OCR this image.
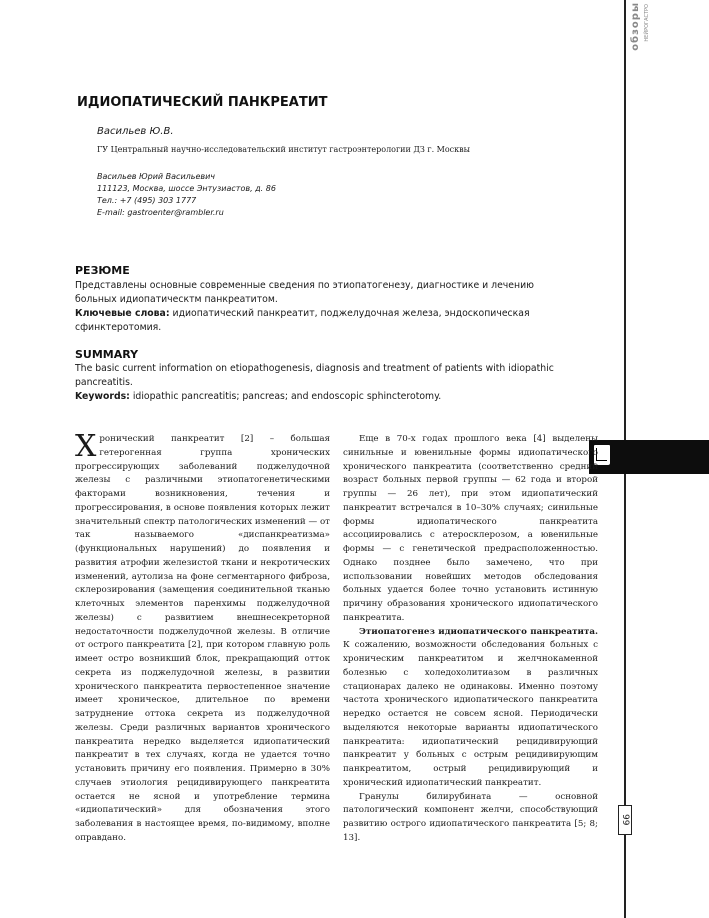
обзоры НЕЙРОГАСТРО
99
ИДИОПАТИЧЕСКИЙ ПАНКРЕАТИТ
Васильев Ю.В.
ГУ Центральный научно-исследовательский институт гастроэнтерологии ДЗ г. Москвы
Васильев Юрий Васильевич
111123, Москва, шоссе Энтузиастов, д. 86
Тел.: +7 (495) 303 1777
E-mail: gastroenter@rambler.ru
РЕЗЮМЕ
Представлены основные современные сведения по этиопатогенезу, диагностике и лечению больных идиопатическтм панкреатитом.
Ключевые слова: идиопатический панкреатит, поджелудочная железа, эндоскопическая сфинктеротомия.
SUMMARY
The basic current information on etiopathogenesis, diagnosis and treatment of patients with idiopathic pancreatitis.
Keywords: idiopathic pancreatitis; pancreas; and endoscopic sphincterotomy.

Хронический панкреатит [2] – большая гетерогенная группа хронических прогрессирующих заболеваний поджелудочной железы с различными этиопатогенетическими факторами возникновения, течения и прогрессирования, в основе появления которых лежит значительный спектр патологических изменений — от так называемого «диспанкреатизма» (функциональных нарушений) до появления и развития атрофии железистой ткани и некротических изменений, аутолиза на фоне сегментарного фиброза, склерозирования (замещения соединительной тканью клеточных элементов паренхимы поджелудочной железы) с развитием внешнесекреторной недостаточности поджелудочной железы. В отличие от острого панкреатита [2], при котором главную роль имеет остро возникший блок, прекращающий отток секрета из поджелудочной железы, в развитии хронического панкреатита первостепенное значение имеет хроническое, длительное по времени затруднение оттока секрета из поджелудочной железы. Среди различных вариантов хронического панкреатита нередко выделяется идиопатический панкреатит в тех случаях, когда не удается точно установить причину его появления. Примерно в 30% случаев этиология рецидивирующего панкреатита остается не ясной и употребление термина «идиопатический» для обозначения этого заболевания в настоящее время, по-видимому, вполне оправдано.

Еще в 70-х годах прошлого века [4] выделены синильные и ювенильные формы идиопатического хронического панкреатита (соответственно средний возраст больных первой группы — 62 года и второй группы — 26 лет), при этом идиопатический панкреатит встречался в 10–30% случаях; синильные формы идиопатического панкреатита ассоциировались с атеросклерозом, а ювенильные формы — с генетической предрасположенностью. Однако позднее было замечено, что при использовании новейших методов обследования больных удается более точно установить истинную причину образования хронического идиопатического панкреатита.

Этиопатогенез идиопатического панкреатита. К сожалению, возможности обследования больных с хроническим панкреатитом и желчнокаменной болезнью с холедохолитиазом в различных стационарах далеко не одинаковы. Именно поэтому частота хронического идиопатического панкреатита нередко остается не совсем ясной. Периодически выделяются некоторые варианты идиопатического панкреатита: идиопатический рецидивирующий панкреатит у больных с острым рецидивирующим панкреатитом, острый рецидивирующий и хронический идиопатический панкреатит.

Гранулы билирубината — основной патологический компонент желчи, способствующий развитию острого идиопатического панкреатита [5; 8; 13].
